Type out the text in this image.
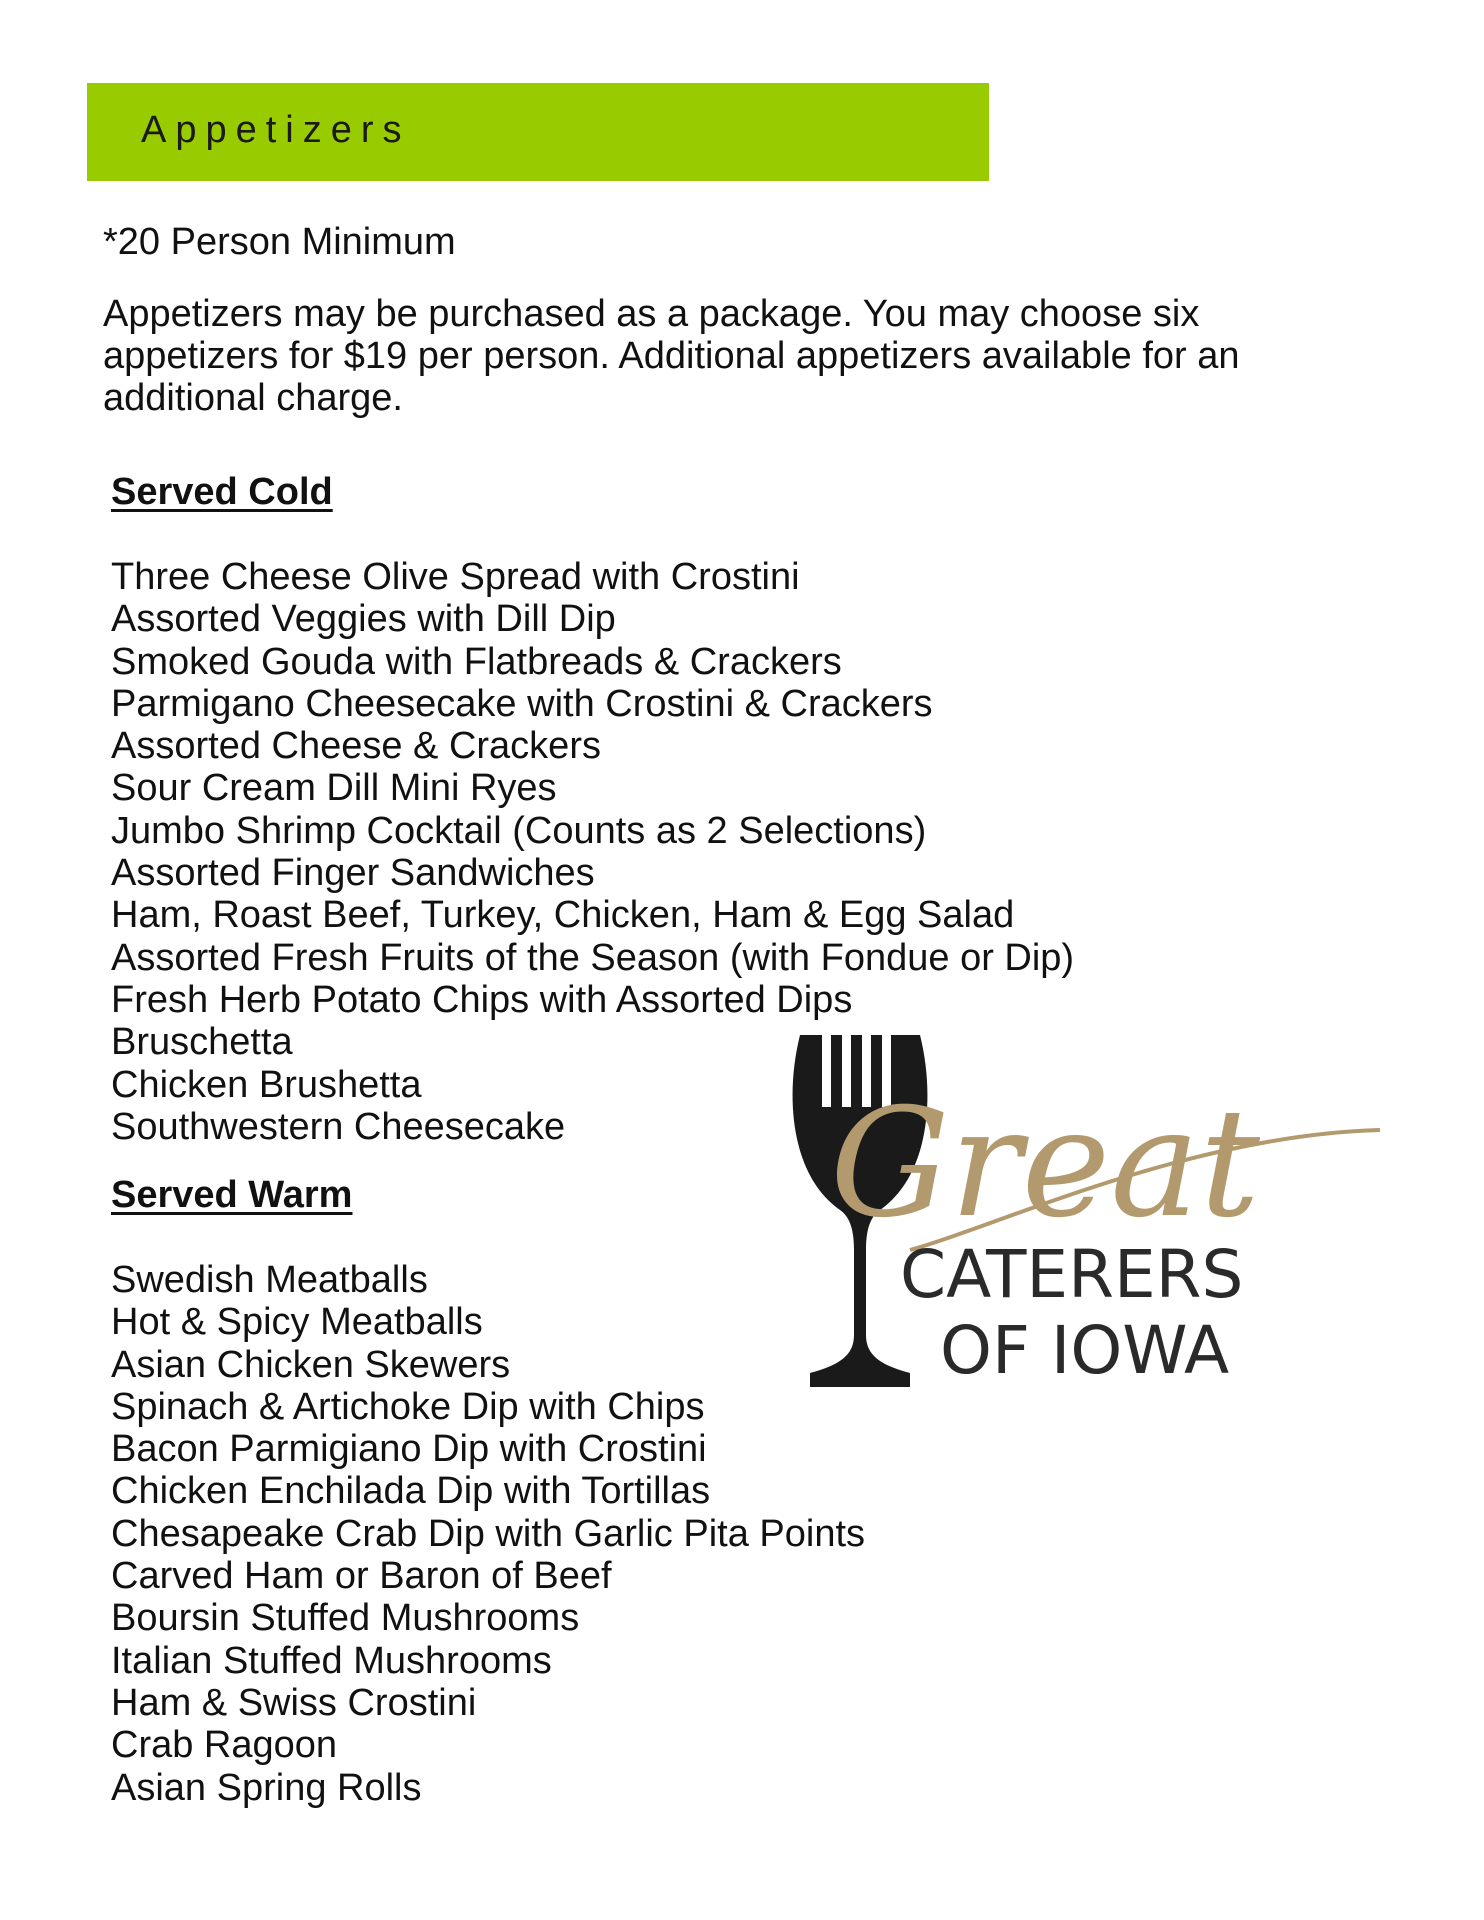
Appetizers
*20 Person Minimum
Appetizers may be purchased as a package. You may choose six appetizers for $19 per person. Additional appetizers available for an additional charge.
Served Cold
Three Cheese Olive Spread with Crostini
Assorted Veggies with Dill Dip
Smoked Gouda with Flatbreads & Crackers
Parmigano Cheesecake with Crostini & Crackers
Assorted Cheese & Crackers
Sour Cream Dill Mini Ryes
Jumbo Shrimp Cocktail (Counts as 2 Selections)
Assorted Finger Sandwiches
Ham, Roast Beef, Turkey, Chicken, Ham & Egg Salad
Assorted Fresh Fruits of the Season (with Fondue or Dip)
Fresh Herb Potato Chips with Assorted Dips
Bruschetta
Chicken Brushetta
Southwestern Cheesecake
Served Warm
Swedish Meatballs
Hot & Spicy Meatballs
Asian Chicken Skewers
Spinach & Artichoke Dip with Chips
Bacon Parmigiano Dip with Crostini
Chicken Enchilada Dip with Tortillas
Chesapeake Crab Dip with Garlic Pita Points
Carved Ham or Baron of Beef
Boursin Stuffed Mushrooms
Italian Stuffed Mushrooms
Ham & Swiss Crostini
Crab Ragoon
Asian Spring Rolls
Great
CATERERS
OF IOWA
